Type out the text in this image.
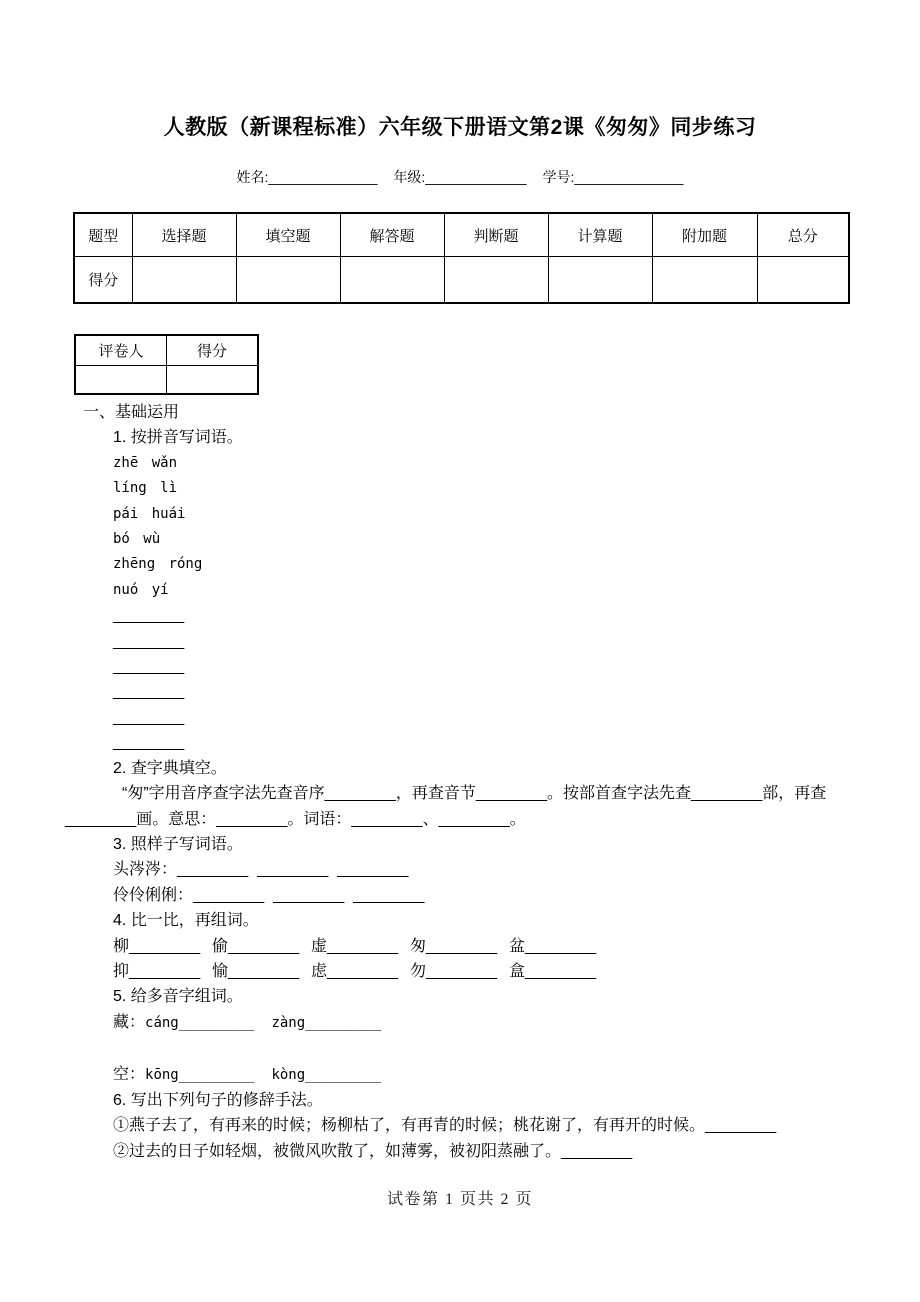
人教版（新课程标准）六年级下册语文第2课《匆匆》同步练习
姓名:______________ 年级:_____________ 学号:______________
题型	选择题	填空题	解答题	判断题	计算题	附加题	总分
得分							
评卷人	得分

一、基础运用
1. 按拼音写词语。
zhē wǎn
líng lì
pái huái
bó wù
zhēng róng
nuó yí
________
________
________
________
________
________
2. 查字典填空。
“匆”字用音序查字法先查音序________，再查音节________。按部首查字法先查________部，再查________画。意思：________。词语：________、________。
3. 照样子写词语。
头涔涔：________  ________  ________
伶伶俐俐：________  ________  ________
4. 比一比，再组词。
柳________ 偷________ 虚________ 匆________ 盆________
抑________ 愉________ 虑________ 勿________ 盒________
5. 给多音字组词。
藏：cáng_________  zàng_________
空：kōng_________  kòng_________
6. 写出下列句子的修辞手法。
①燕子去了，有再来的时候；杨柳枯了，有再青的时候；桃花谢了，有再开的时候。________
②过去的日子如轻烟，被微风吹散了，如薄雾，被初阳蒸融了。________
试卷第 1 页共 2 页
